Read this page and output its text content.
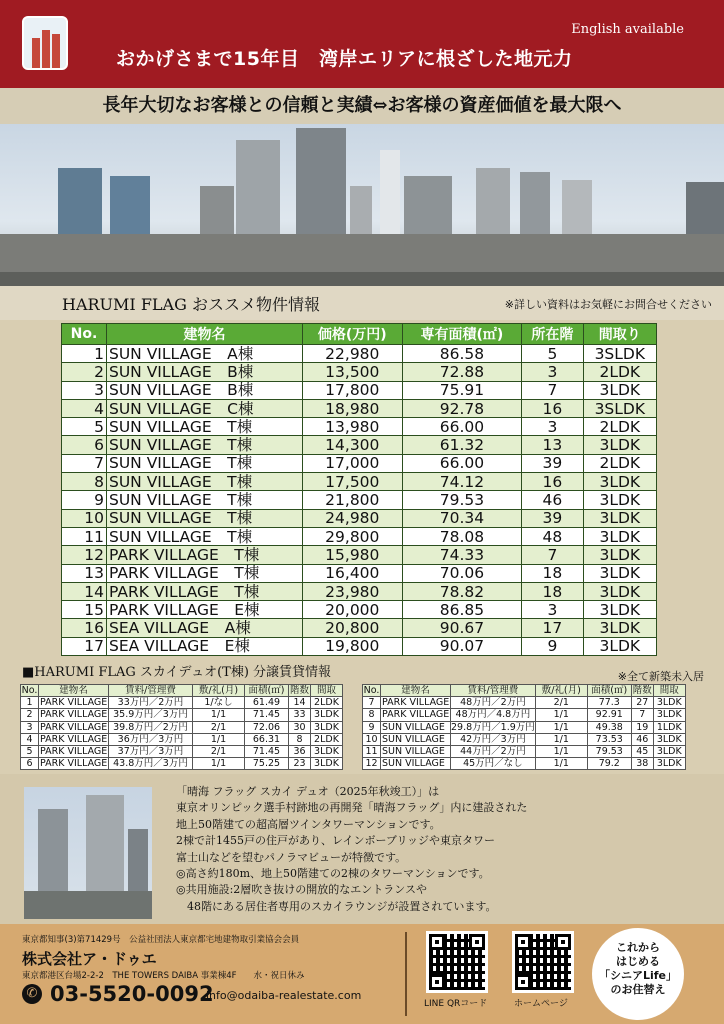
English available
おかげさまで15年目　湾岸エリアに根ざした地元力
長年大切なお客様との信頼と実績⇔お客様の資産価値を最大限へ
HARUMI FLAG おススメ物件情報	※詳しい資料はお気軽にお問合せください
No.	建物名	価格(万円)	専有面積(㎡)	所在階	間取り
1	SUN VILLAGE　A棟	22,980	86.58	5	3SLDK
2	SUN VILLAGE　B棟	13,500	72.88	3	2LDK
3	SUN VILLAGE　B棟	17,800	75.91	7	3LDK
4	SUN VILLAGE　C棟	18,980	92.78	16	3SLDK
5	SUN VILLAGE　T棟	13,980	66.00	3	2LDK
6	SUN VILLAGE　T棟	14,300	61.32	13	3LDK
7	SUN VILLAGE　T棟	17,000	66.00	39	2LDK
8	SUN VILLAGE　T棟	17,500	74.12	16	3LDK
9	SUN VILLAGE　T棟	21,800	79.53	46	3LDK
10	SUN VILLAGE　T棟	24,980	70.34	39	3LDK
11	SUN VILLAGE　T棟	29,800	78.08	48	3LDK
12	PARK VILLAGE　T棟	15,980	74.33	7	3LDK
13	PARK VILLAGE　T棟	16,400	70.06	18	3LDK
14	PARK VILLAGE　T棟	23,980	78.82	18	3LDK
15	PARK VILLAGE　E棟	20,000	86.85	3	3LDK
16	SEA VILLAGE　A棟	20,800	90.67	17	3LDK
17	SEA VILLAGE　E棟	19,800	90.07	9	3LDK
■HARUMI FLAG スカイデュオ(T棟) 分譲賃貸情報	※全て新築未入居
No.	建物名	賃料/管理費	敷/礼(月)	面積(㎡)	階数	間取
1	PARK VILLAGE	33万円／2万円	1/なし	61.49	14	2LDK
2	PARK VILLAGE	35.9万円／3万円	1/1	71.45	33	3LDK
3	PARK VILLAGE	39.8万円／2万円	2/1	72.06	30	3LDK
4	PARK VILLAGE	36万円／3万円	1/1	66.31	8	2LDK
5	PARK VILLAGE	37万円／3万円	2/1	71.45	36	3LDK
6	PARK VILLAGE	43.8万円／3万円	1/1	75.25	23	3LDK
No.	建物名	賃料/管理費	敷/礼(月)	面積(㎡)	階数	間取
7	PARK VILLAGE	48万円／2万円	2/1	77.3	27	3LDK
8	PARK VILLAGE	48万円／4.8万円	1/1	92.91	7	3LDK
9	SUN VILLAGE	29.8万円／1.9万円	1/1	49.38	19	1LDK
10	SUN VILLAGE	42万円／3万円	1/1	73.53	46	3LDK
11	SUN VILLAGE	44万円／2万円	1/1	79.53	45	3LDK
12	SUN VILLAGE	45万円／なし	1/1	79.2	38	3LDK
「晴海 フラッグ スカイ デュオ（2025年秋竣工）」は
東京オリンピック選手村跡地の再開発「晴海フラッグ」内に建設された
地上50階建ての超高層ツインタワーマンションです。
2棟で計1455戸の住戸があり、レインボーブリッジや東京タワー
富士山などを望むパノラマビューが特徴です。
◎高さ約180m、地上50階建ての2棟のタワーマンションです。
◎共用施設:2層吹き抜けの開放的なエントランスや
　48階にある居住者専用のスカイラウンジが設置されています。
東京都知事(3)第71429号　公益社団法人東京都宅地建物取引業協会会員
株式会社ア・ドゥエ
東京都港区台場2-2-2　THE TOWERS DAIBA 事業棟4F　　水・祝日休み
✆ 03-5520-0092
info@odaiba-realestate.com
LINE QRコード	ホームページ
これから
はじめる
「シニアLife」
のお住替え
